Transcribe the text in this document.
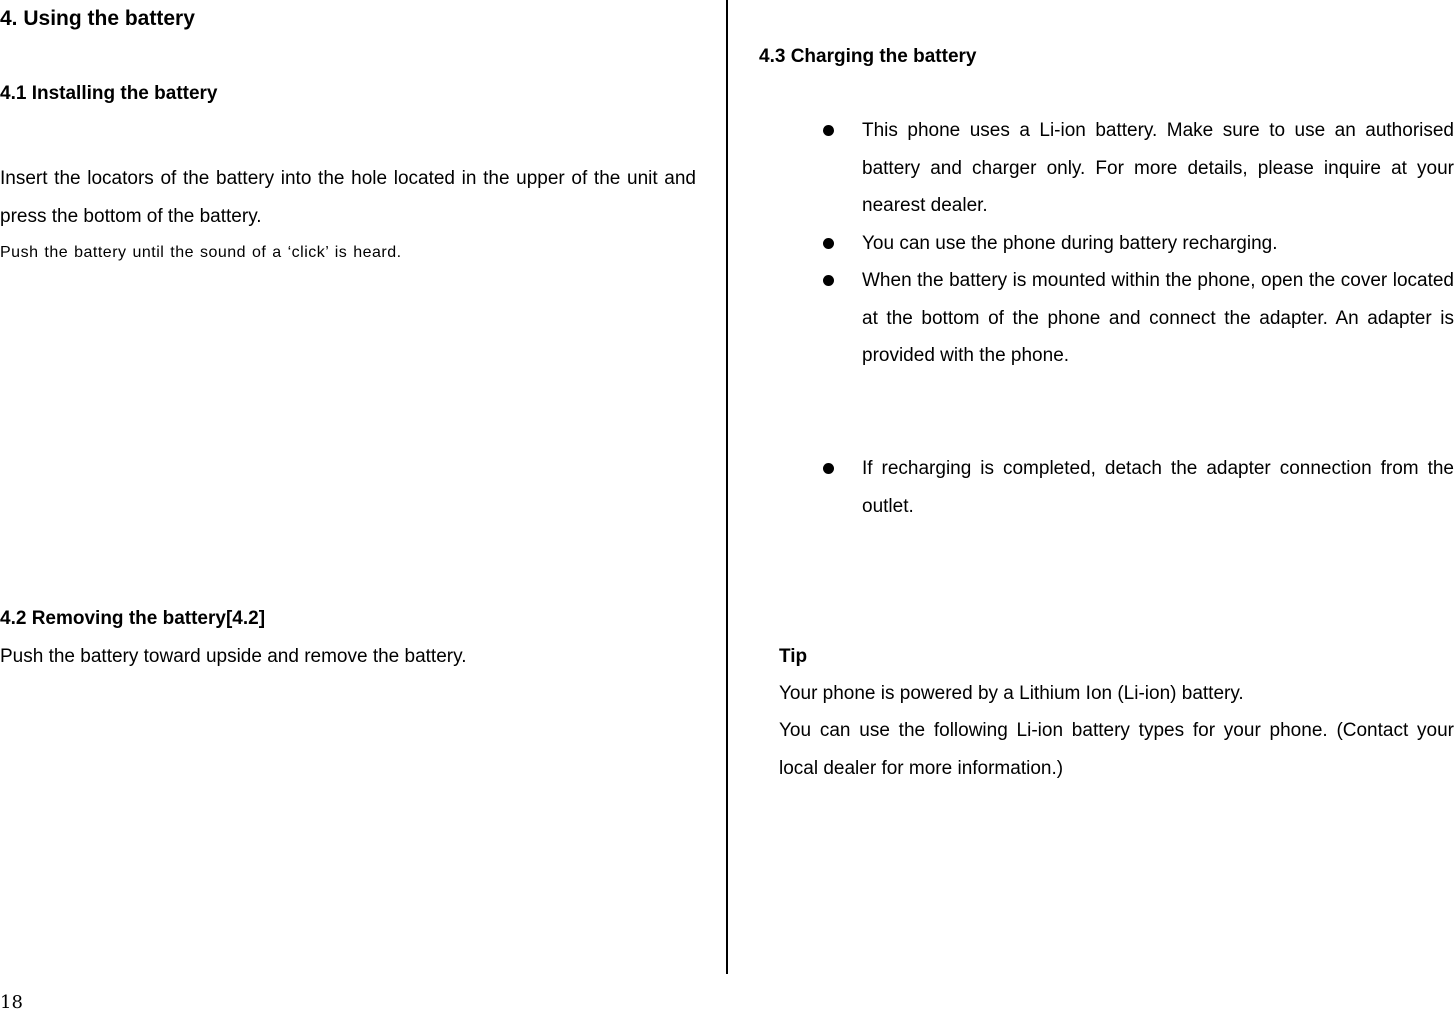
4. Using the battery
4.1 Installing the battery

Insert the locators of the battery into the hole located in the upper of the unit and press the bottom of the battery.

Push the battery until the sound of a ‘click’ is heard.
4.2 Removing the battery[4.2]

Push the battery toward upside and remove the battery.

4.3 Charging the battery
This phone uses a Li-ion battery. Make sure to use an authorised battery and charger only. For more details, please inquire at your nearest dealer.
You can use the phone during battery recharging.
When the battery is mounted within the phone, open the cover located at the bottom of the phone and connect the adapter. An adapter is provided with the phone.
If recharging is completed, detach the adapter connection from the outlet.
Tip

Your phone is powered by a Lithium Ion (Li-ion) battery.

You can use the following Li-ion battery types for your phone. (Contact your local dealer for more information.)

18
